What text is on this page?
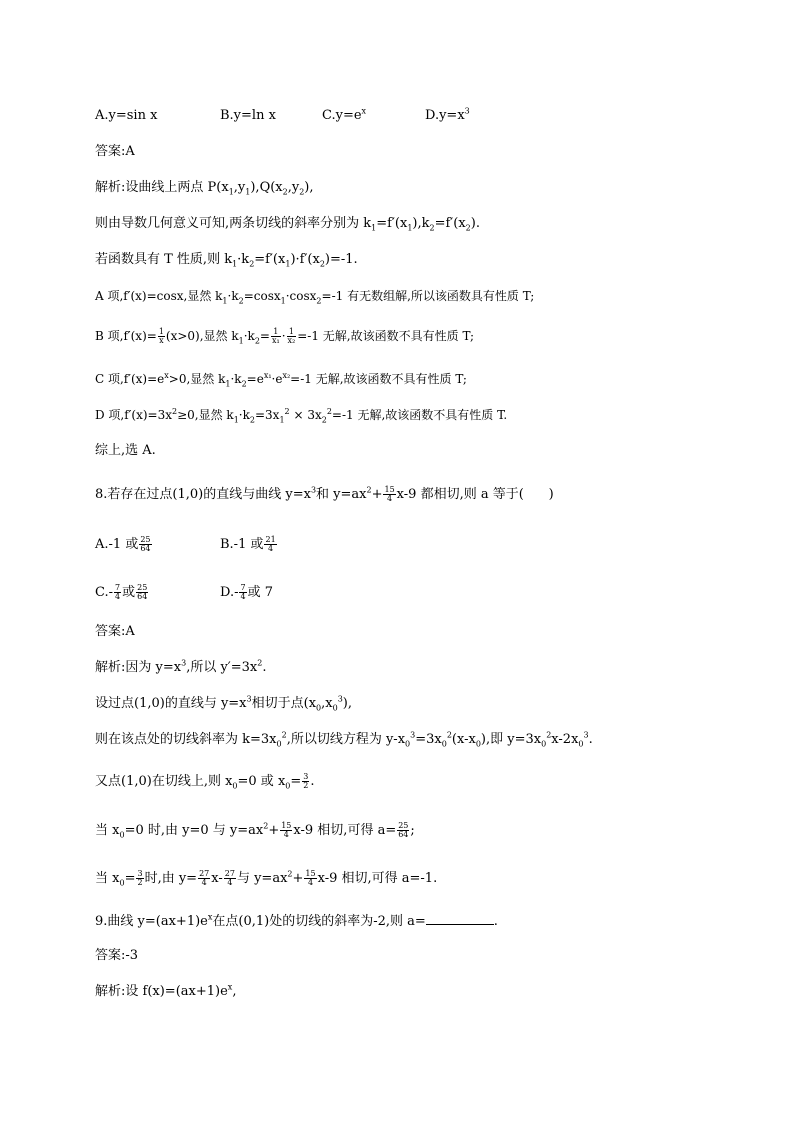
A.y=sin x	B.y=ln x	$C.y=e^x$	$D.y=x^3$
答案:A
解析:设曲线上两点 $P(x_1,y_1),Q(x_2,y_2)$,
则由导数几何意义可知,两条切线的斜率分别为 $k_1=f'(x_1),k_2=f'(x_2)$.
若函数具有 T 性质,则 $k_1\cdot k_2=f'(x_1)\cdot f'(x_2)=-1$.
A 项,f′(x)=cosx,显然 $k_1\cdot k_2=\cos x_1\cdot\cos x_2=-1$ 有无数组解,所以该函数具有性质 T;
B 项$,f'(x)= \frac{1}{x} (x>0)$,显然 $k_1\cdot k_2= \frac{1}{\text{x₁}} \cdot \frac{1}{\text{x₂}} =-1$ 无解,故该函数不具有性质 T;
C 项$,f'(x)=e^x>0$,显然 $k_1\cdot k_2=e^{x_1}\cdot e^{x_2}=-1$ 无解,故该函数不具有性质 T;
D 项$,f'(x)=3x^2\ge 0$,显然 $k_1\cdot k_2=3x_1^2 \times 3x_2^2=-1$ 无解,故该函数不具有性质 T.
综上,选 A.
8.若存在过点(1,0)的直线与曲线 $y=x^3$和 $y=ax^2+ \frac{15}{4} x-9$ 都相切,则 a 等于( )
A.-1 或 $\frac{25}{64}$	B.-1 或 $\frac{21}{4}$
$C.- \frac{7}{4}$ 或 $\frac{25}{64}$	$D.- \frac{7}{4}$ 或 7
答案:A
解析:因为 $y=x^3$,所以 $y'=3x^2$.
设过点(1,0)的直线与 $y=x^3$相切于点$(x_0,x_0^3)$,
则在该点处的切线斜率为 $k=3x_0^2$,所以切线方程为 $y-x_0^3=3x_0^2(x-x_0)$,即 $y=3x_0^2x-2x_0^3$.
又点(1,0)在切线上,则 $x_0=0$ 或 $x_0= \frac{3}{2}$ .
当 $x_0=0$ 时,由 y=0 与 $y=ax^2+ \frac{15}{4} x-9$ 相切,可得 $a= \frac{25}{64}$ ;
当 $x_0= \frac{3}{2}$ 时,由 $y= \frac{27}{4} x- \frac{27}{4}$ 与 $y=ax^2+ \frac{15}{4} x-9$ 相切,可得 a=-1.
9.曲线 $y=(ax+1)e^x$在点(0,1)处的切线的斜率为-2,则 a=	.
答案:-3
解析:设 $f(x)=(ax+1)e^x$,
